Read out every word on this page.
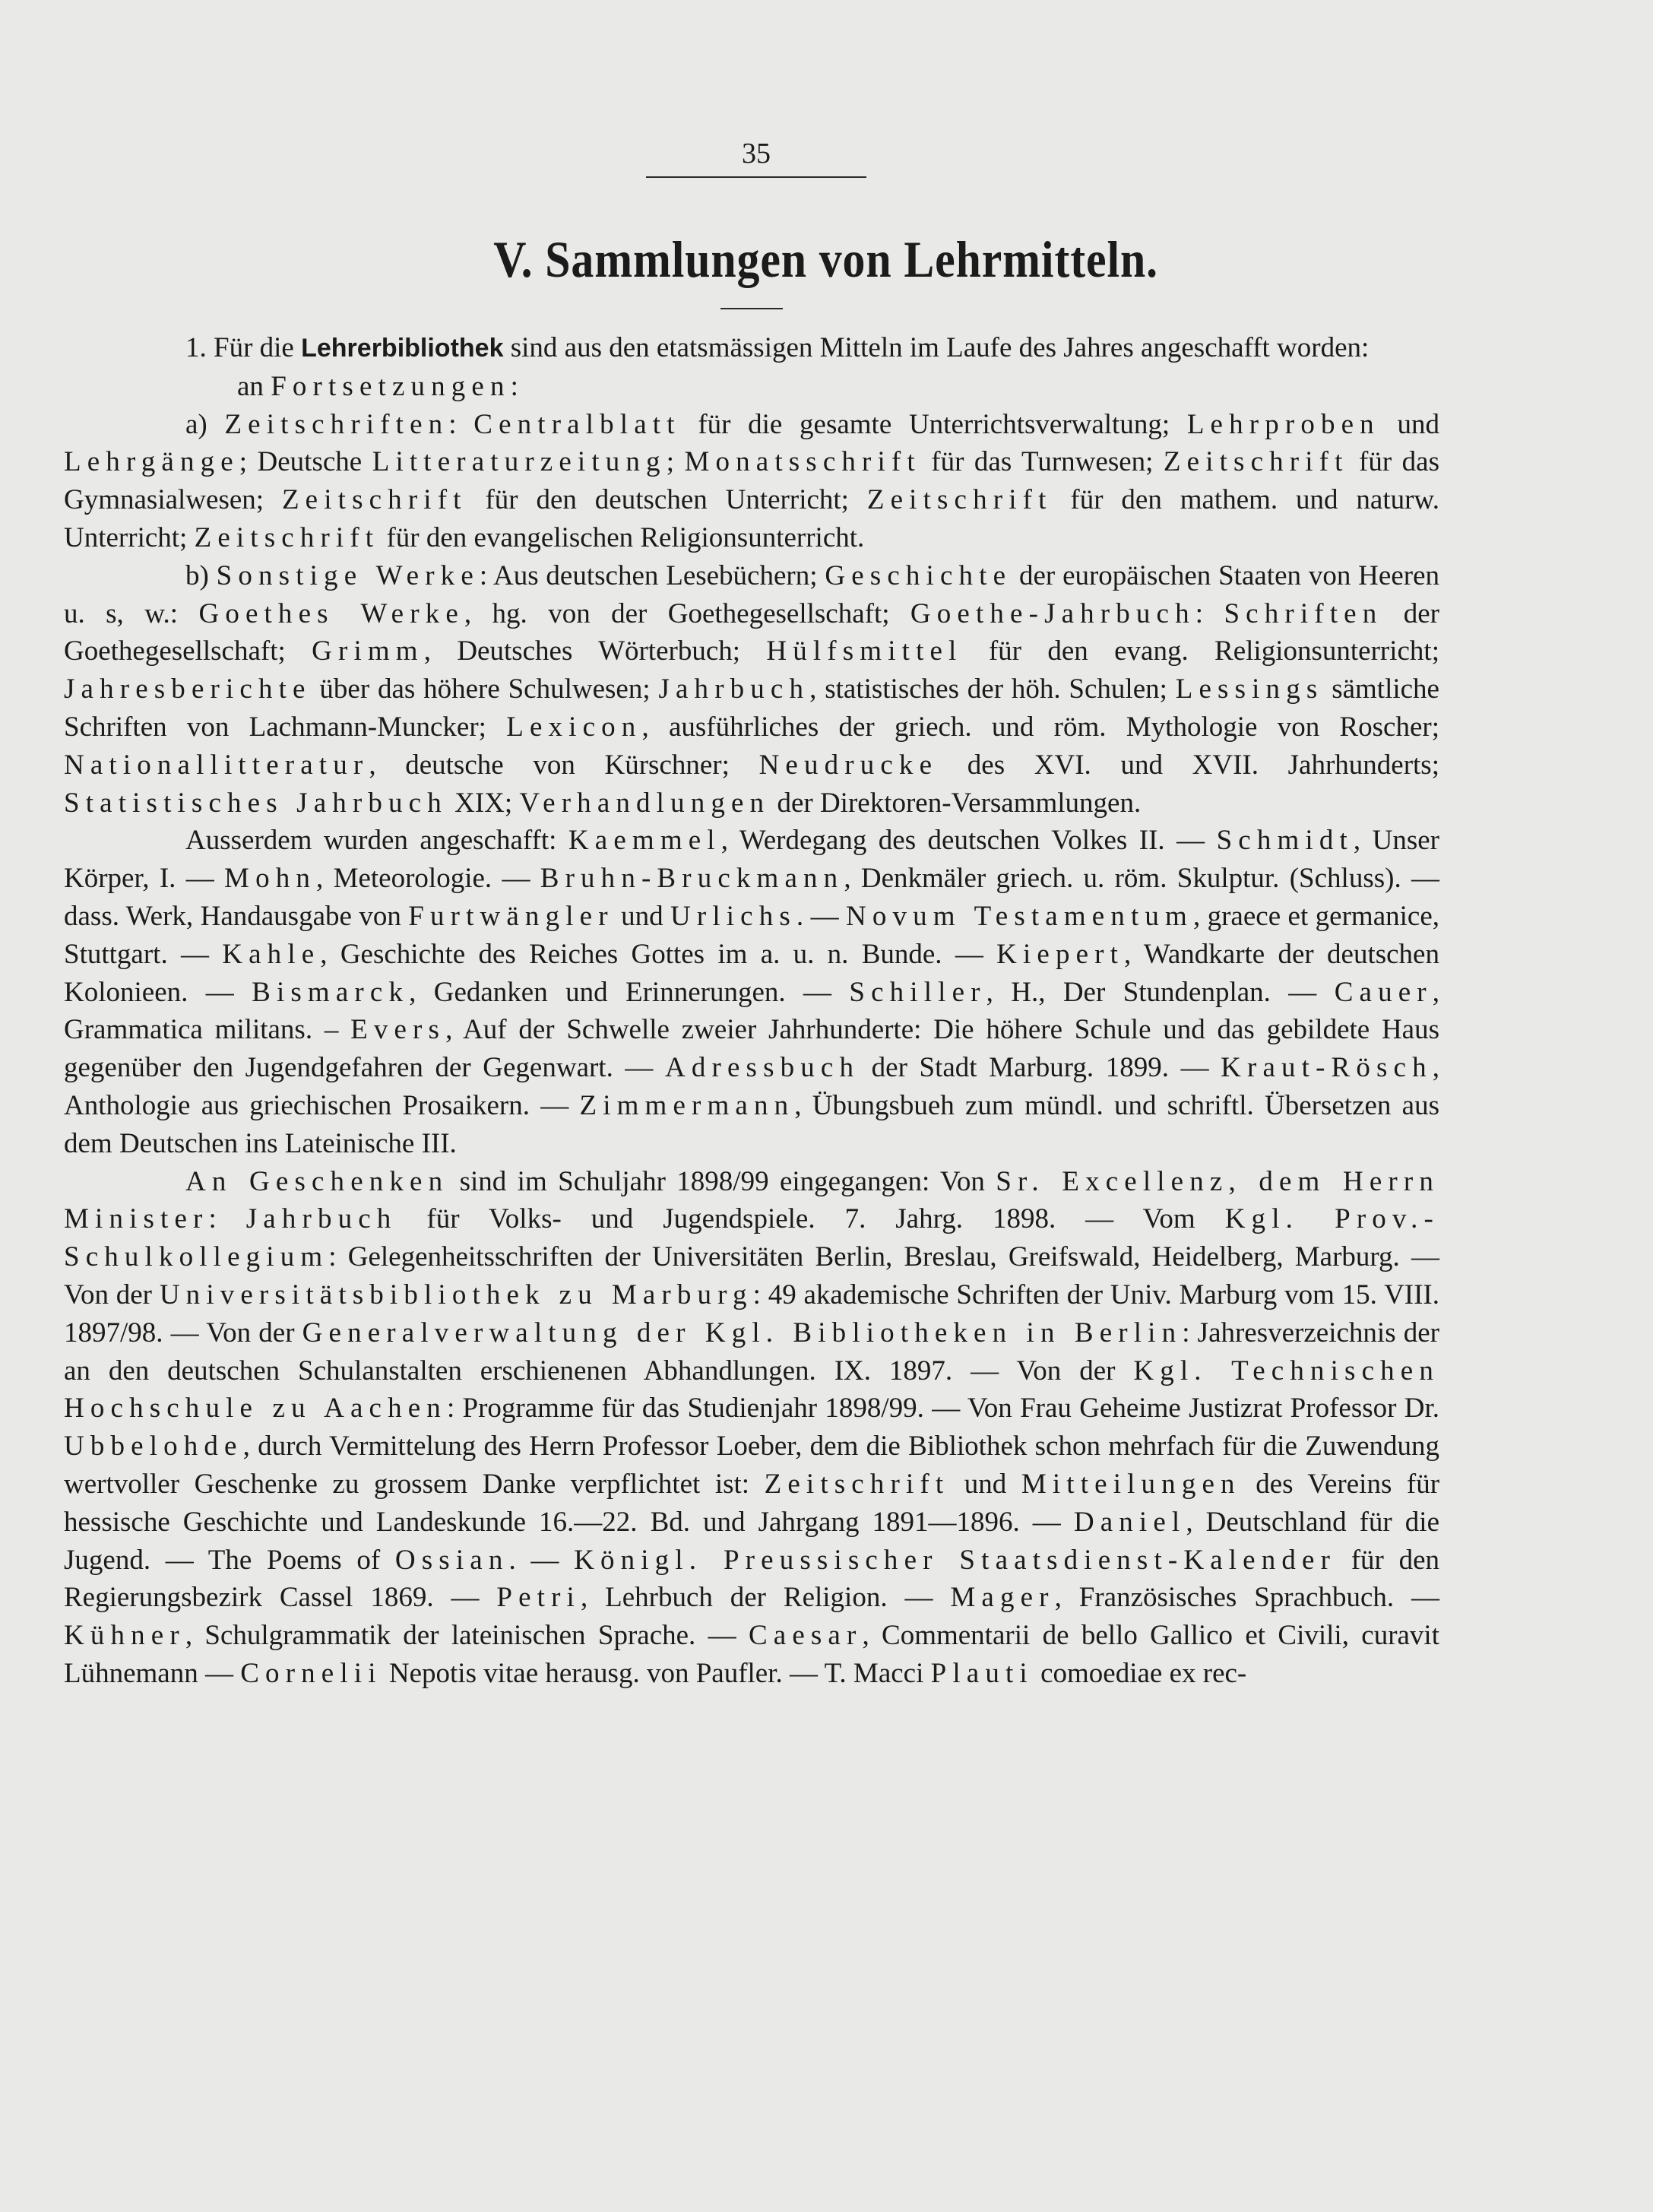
35
V. Sammlungen von Lehrmitteln.

1. Für die Lehrerbibliothek sind aus den etatsmässigen Mitteln im Laufe des Jahres angeschafft worden:

an Fortsetzungen:

a) Zeitschriften: Centralblatt für die gesamte Unterrichtsverwaltung; Lehrproben und Lehrgänge; Deutsche Litteraturzeitung; Monatsschrift für das Turnwesen; Zeitschrift für das Gymnasialwesen; Zeitschrift für den deutschen Unterricht; Zeitschrift für den mathem. und naturw. Unterricht; Zeitschrift für den evangelischen Religionsunterricht.

b) Sonstige Werke: Aus deutschen Lesebüchern; Geschichte der europäischen Staaten von Heeren u. s, w.: Goethes Werke, hg. von der Goethegesellschaft; Goethe-Jahrbuch: Schriften der Goethegesellschaft; Grimm, Deutsches Wörterbuch; Hülfsmittel für den evang. Religionsunterricht; Jahresberichte über das höhere Schulwesen; Jahrbuch, statistisches der höh. Schulen; Lessings sämtliche Schriften von Lachmann-Muncker; Lexicon, ausführliches der griech. und röm. Mythologie von Roscher; Nationallitteratur, deutsche von Kürschner; Neudrucke des XVI. und XVII. Jahrhunderts; Statistisches Jahrbuch XIX; Verhandlungen der Direktoren-Versammlungen.

Ausserdem wurden angeschafft: Kaemmel, Werdegang des deutschen Volkes II. — Schmidt, Unser Körper, I. — Mohn, Meteorologie. — Bruhn-Bruckmann, Denkmäler griech. u. röm. Skulptur. (Schluss). — dass. Werk, Handausgabe von Furtwängler und Urlichs. — Novum Testamentum, graece et germanice, Stuttgart. — Kahle, Geschichte des Reiches Gottes im a. u. n. Bunde. — Kiepert, Wandkarte der deutschen Kolonieen. — Bismarck, Gedanken und Erinnerungen. — Schiller, H., Der Stundenplan. — Cauer, Grammatica militans. – Evers, Auf der Schwelle zweier Jahrhunderte: Die höhere Schule und das gebildete Haus gegenüber den Jugendgefahren der Gegenwart. — Adressbuch der Stadt Marburg. 1899. — Kraut-Rösch, Anthologie aus griechischen Prosaikern. — Zimmermann, Übungsbueh zum mündl. und schriftl. Übersetzen aus dem Deutschen ins Lateinische III.

An Geschenken sind im Schuljahr 1898/99 eingegangen: Von Sr. Excellenz, dem Herrn Minister: Jahrbuch für Volks- und Jugendspiele. 7. Jahrg. 1898. — Vom Kgl. Prov.-Schulkollegium: Gelegenheitsschriften der Universitäten Berlin, Breslau, Greifswald, Heidelberg, Marburg. — Von der Universitätsbibliothek zu Marburg: 49 akademische Schriften der Univ. Marburg vom 15. VIII. 1897/98. — Von der Generalverwaltung der Kgl. Bibliotheken in Berlin: Jahresverzeichnis der an den deutschen Schulanstalten erschienenen Abhandlungen. IX. 1897. — Von der Kgl. Technischen Hochschule zu Aachen: Programme für das Studienjahr 1898/99. — Von Frau Geheime Justizrat Professor Dr. Ubbelohde, durch Vermittelung des Herrn Professor Loeber, dem die Bibliothek schon mehrfach für die Zuwendung wertvoller Geschenke zu grossem Danke verpflichtet ist: Zeitschrift und Mitteilungen des Vereins für hessische Geschichte und Landeskunde 16.—22. Bd. und Jahrgang 1891—1896. — Daniel, Deutschland für die Jugend. — The Poems of Ossian. — Königl. Preussischer Staatsdienst-Kalender für den Regierungsbezirk Cassel 1869. — Petri, Lehrbuch der Religion. — Mager, Französisches Sprachbuch. — Kühner, Schulgrammatik der lateinischen Sprache. — Caesar, Commentarii de bello Gallico et Civili, curavit Lühnemann — Cornelii Nepotis vitae herausg. von Paufler. — T. Macci Plauti comoediae ex rec-
